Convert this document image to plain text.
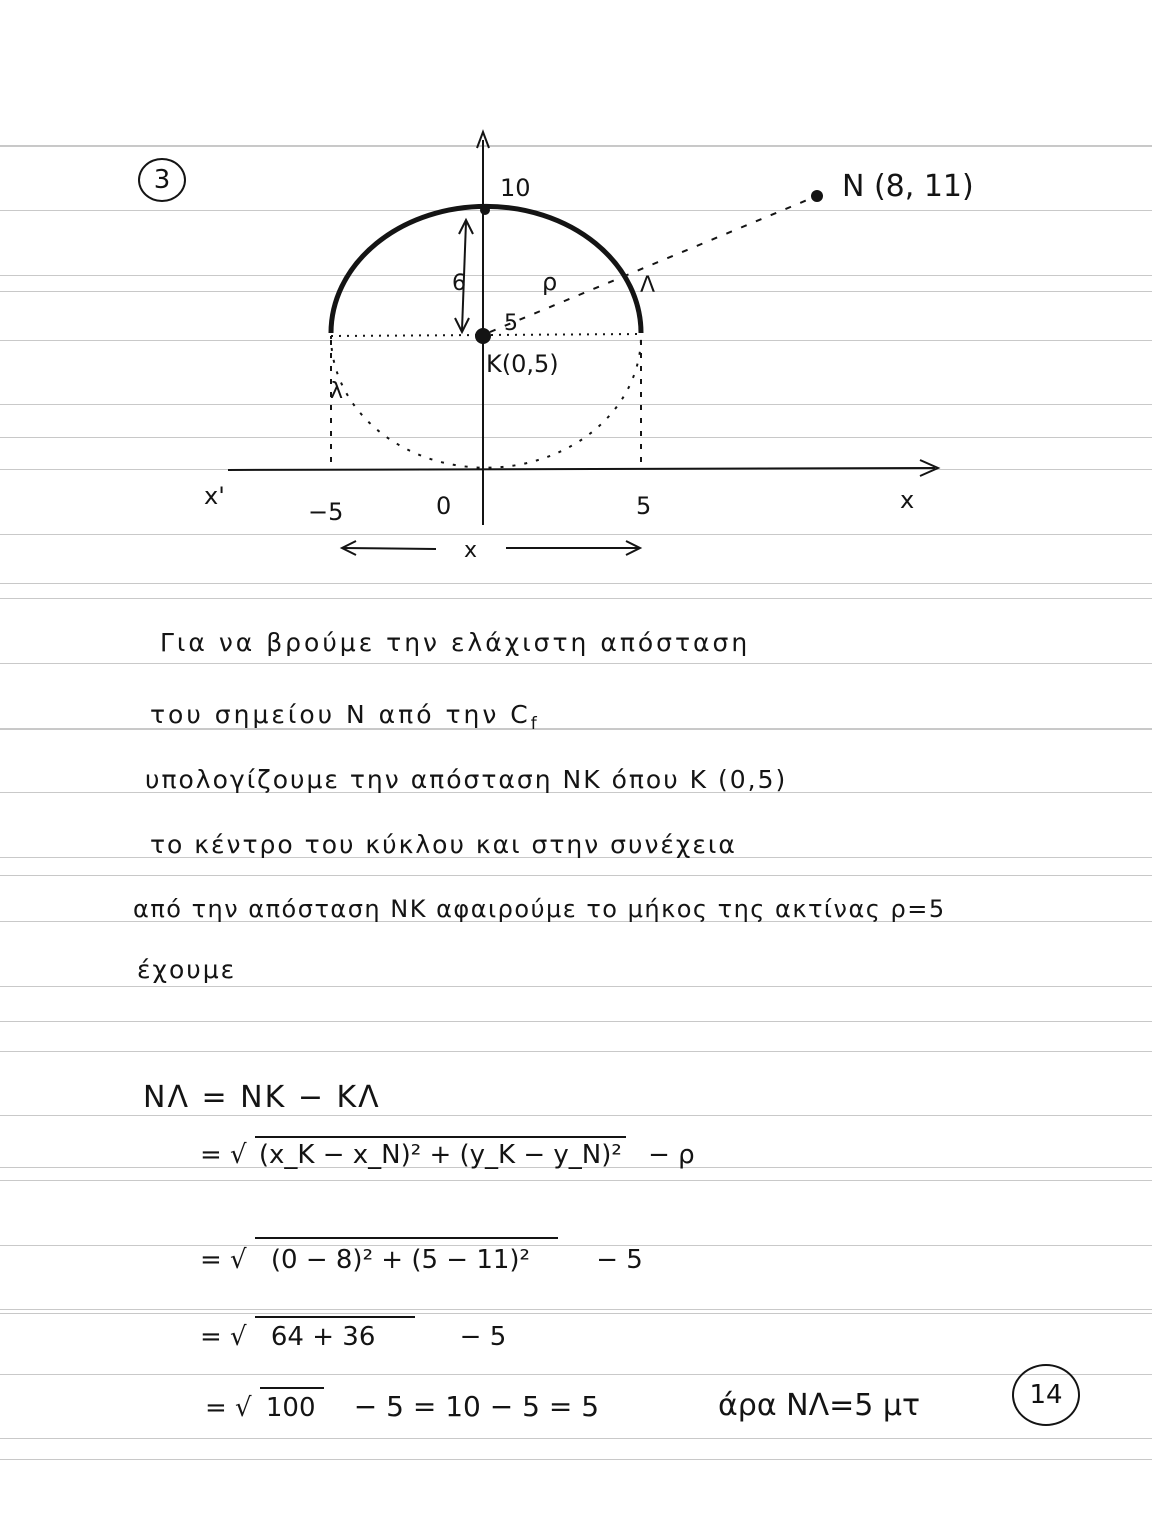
3	N (8, 11)
10
ρ
6
5
K(0,5)
Λ
λ
x'	x
−5	0	5
x
Για να βρούμε την ελάχιστη απόσταση
του σημείου N από την $C_f$
υπολογίζουμε την απόσταση NK όπου K (0,5)
το κέντρο του κύκλου και στην συνέχεια
από την απόσταση NK αφαιρούμε το μήκος της ακτίνας ρ=5
έχουμε
NΛ = NK − KΛ
= √ (x_K − x_N)² + (y_K − y_N)² − ρ
= √ (0 − 8)² + (5 − 11)²	− 5
= √ 64 + 36	− 5
= √ 100 − 5 = 10 − 5 = 5	άρα NΛ=5 μτ	14
